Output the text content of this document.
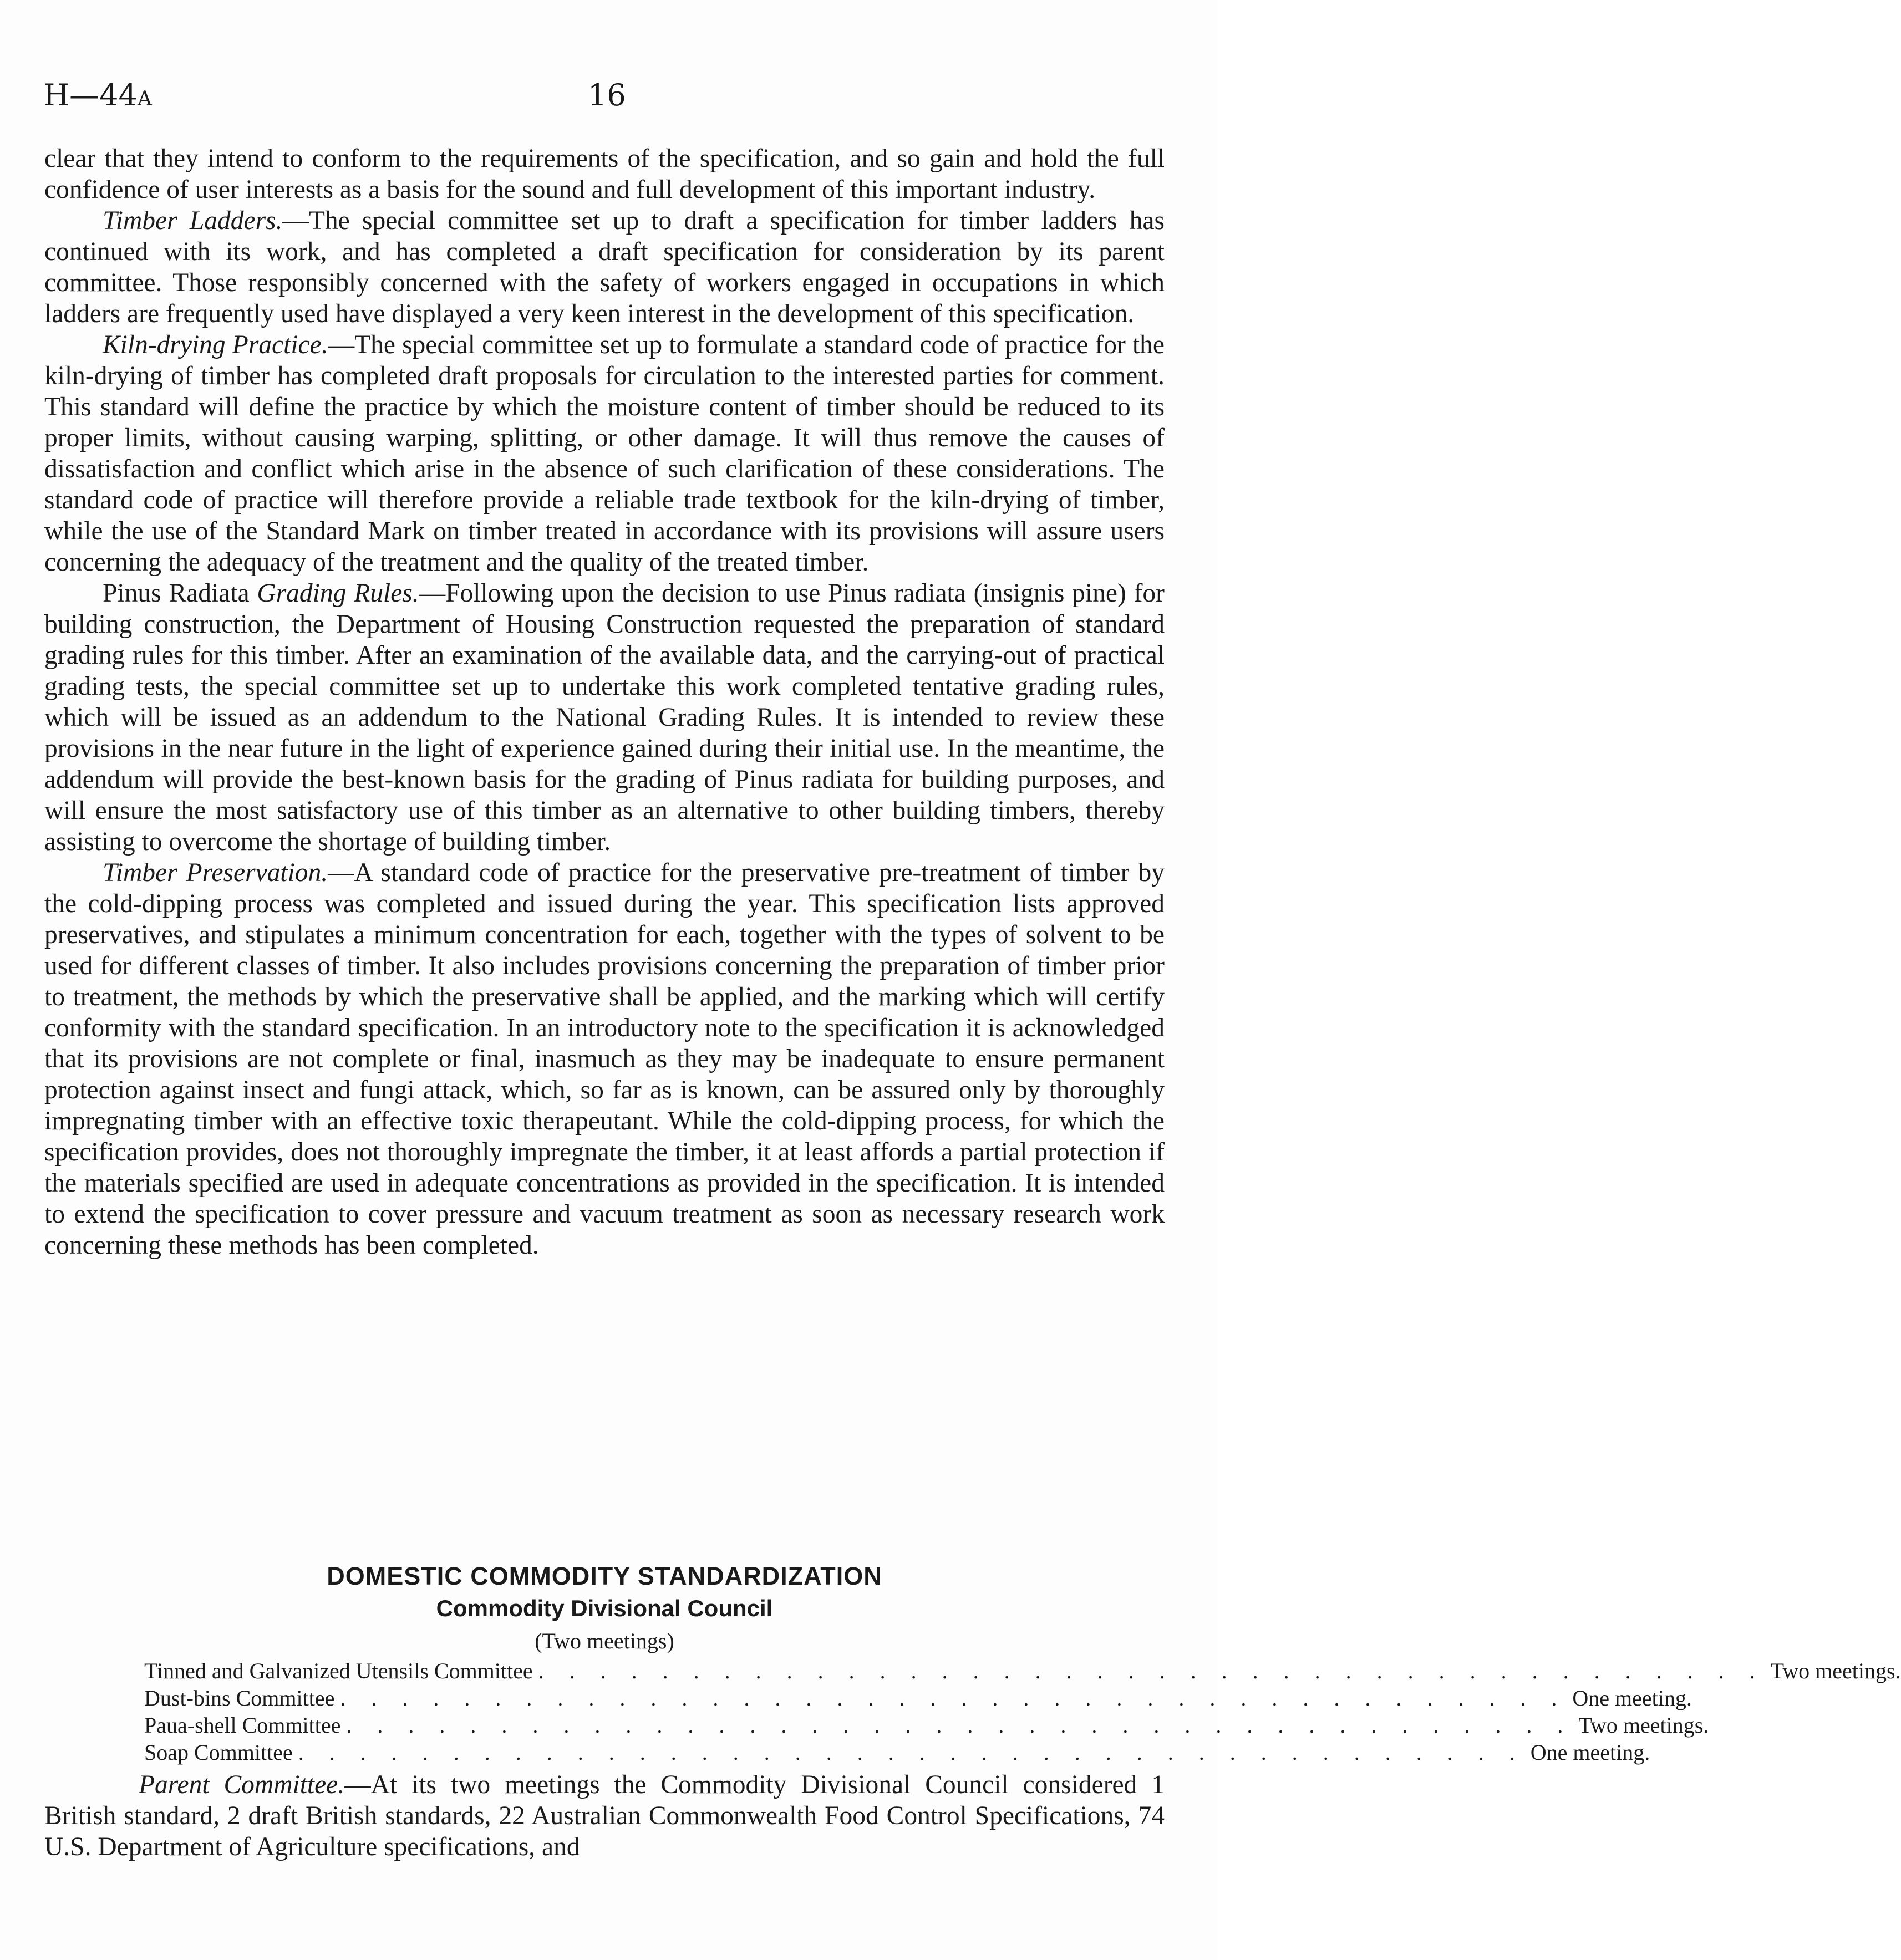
H—44A	16

clear that they intend to conform to the requirements of the specification, and so gain and hold the full confidence of user interests as a basis for the sound and full development of this important industry.

Timber Ladders.—The special committee set up to draft a specification for timber ladders has continued with its work, and has completed a draft specification for consideration by its parent committee. Those responsibly concerned with the safety of workers engaged in occupations in which ladders are frequently used have displayed a very keen interest in the development of this specification.

Kiln-drying Practice.—The special committee set up to formulate a standard code of practice for the kiln-drying of timber has completed draft proposals for circulation to the interested parties for comment. This standard will define the practice by which the moisture content of timber should be reduced to its proper limits, without causing warping, splitting, or other damage. It will thus remove the causes of dissatisfaction and conflict which arise in the absence of such clarification of these considerations. The standard code of practice will therefore provide a reliable trade textbook for the kiln-drying of timber, while the use of the Standard Mark on timber treated in accordance with its provisions will assure users concerning the adequacy of the treatment and the quality of the treated timber.

Pinus Radiata Grading Rules.—Following upon the decision to use Pinus radiata (insignis pine) for building construction, the Department of Housing Construction requested the preparation of standard grading rules for this timber. After an examination of the available data, and the carrying-out of practical grading tests, the special committee set up to undertake this work completed tentative grading rules, which will be issued as an addendum to the National Grading Rules. It is intended to review these provisions in the near future in the light of experience gained during their initial use. In the meantime, the addendum will provide the best-known basis for the grading of Pinus radiata for building purposes, and will ensure the most satisfactory use of this timber as an alternative to other building timbers, thereby assisting to overcome the shortage of building timber.

Timber Preservation.—A standard code of practice for the preservative pre-treatment of timber by the cold-dipping process was completed and issued during the year. This specification lists approved preservatives, and stipulates a minimum concentration for each, together with the types of solvent to be used for different classes of timber. It also includes provisions concerning the preparation of timber prior to treatment, the methods by which the preservative shall be applied, and the marking which will certify conformity with the standard specification. In an introductory note to the specification it is acknowledged that its provisions are not complete or final, inasmuch as they may be inadequate to ensure permanent protection against insect and fungi attack, which, so far as is known, can be assured only by thoroughly impregnating timber with an effective toxic therapeutant. While the cold-dipping process, for which the specification provides, does not thoroughly impregnate the timber, it at least affords a partial protection if the materials specified are used in adequate concentrations as provided in the specification. It is intended to extend the specification to cover pressure and vacuum treatment as soon as necessary research work concerning these methods has been completed.

DOMESTIC COMMODITY STANDARDIZATION
Commodity Divisional Council
(Two meetings)
Tinned and Galvanized Utensils Committee . . . . . . . . . . . . . . . . . . . . . . . . . . . . . . . . . . . . . . . . Two meetings.
Dust-bins Committee . . . . . . . . . . . . . . . . . . . . . . . . . . . . . . . . . . . . . . . . One meeting.
Paua-shell Committee . . . . . . . . . . . . . . . . . . . . . . . . . . . . . . . . . . . . . . . . Two meetings.
Soap Committee . . . . . . . . . . . . . . . . . . . . . . . . . . . . . . . . . . . . . . . . One meeting.
Parent Committee.—At its two meetings the Commodity Divisional Council considered 1 British standard, 2 draft British standards, 22 Australian Commonwealth Food Control Specifications, 74 U.S. Department of Agriculture specifications, and
